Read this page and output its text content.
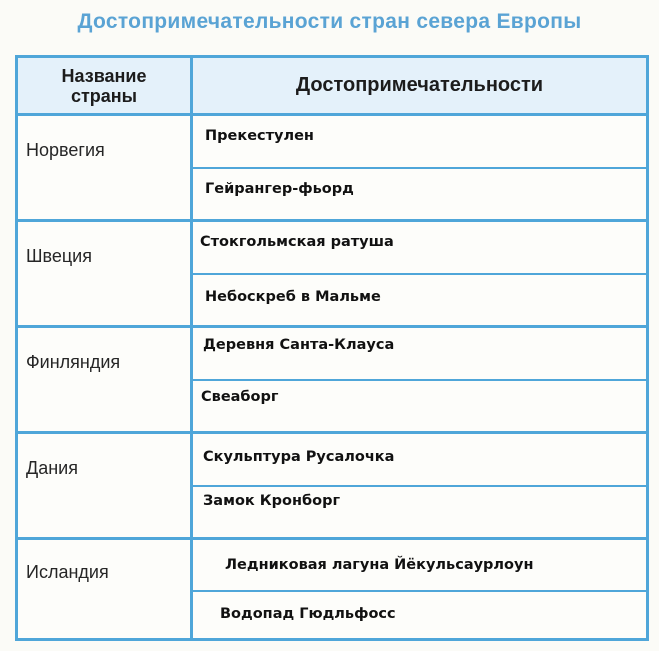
Достопримечательности стран севера Европы
Название
страны	Достопримечательности
Норвегия
Прекестулен
Гейрангер-фьорд
Швеция
Стокгольмская ратуша
Небоскреб в Мальме
Финляндия
Деревня Санта-Клауса
Свеаборг
Дания
Скульптура Русалочка
Замок Кронборг
Исландия	Ледниковая лагуна Йёкульсаурлоун
Водопад Гюдльфосс
